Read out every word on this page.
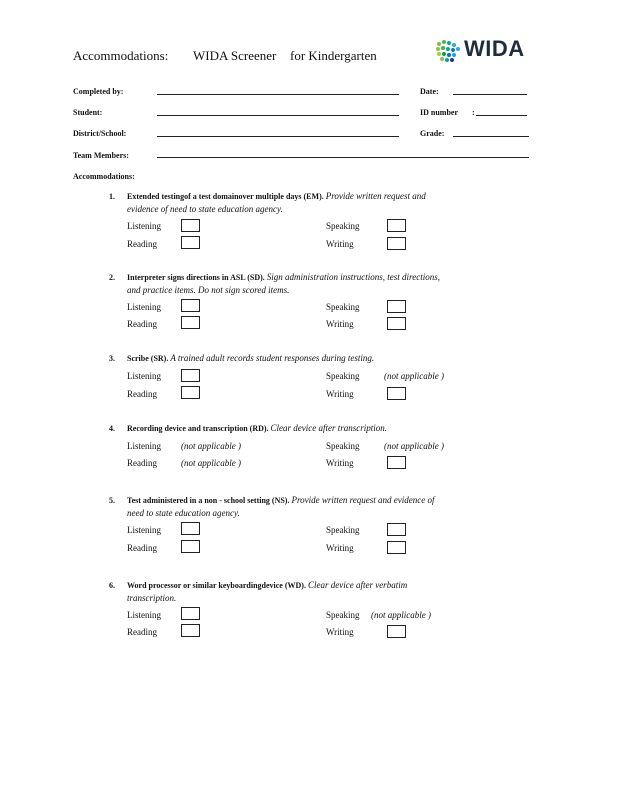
Accommodations: WIDA Screener for Kindergarten	WIDA
Completed by:	Date:
Student:	ID number :
District/School:	Grade:
Team Members:
Accommodations:
1. Extended testingof a test domainover multiple days (EM). Provide written request and
evidence of need to state education agency.
Listening	Speaking
Reading	Writing
2. Interpreter signs directions in ASL (SD). Sign administration instructions, test directions,
and practice items. Do not sign scored items.
Listening	Speaking
Reading	Writing
3. Scribe (SR). A trained adult records student responses during testing.
Listening	Speaking	(not applicable )
Reading	Writing
4. Recording device and transcription (RD). Clear device after transcription.
Listening (not applicable )	Speaking	(not applicable )
Reading	(not applicable )	Writing
5. Test administered in a non - school setting (NS). Provide written request and evidence of
need to state education agency.
Listening	Speaking
Reading	Writing
6. Word processor or similar keyboardingdevice (WD). Clear device after verbatim
transcription.
Listening	Speaking (not applicable )
Reading	Writing
